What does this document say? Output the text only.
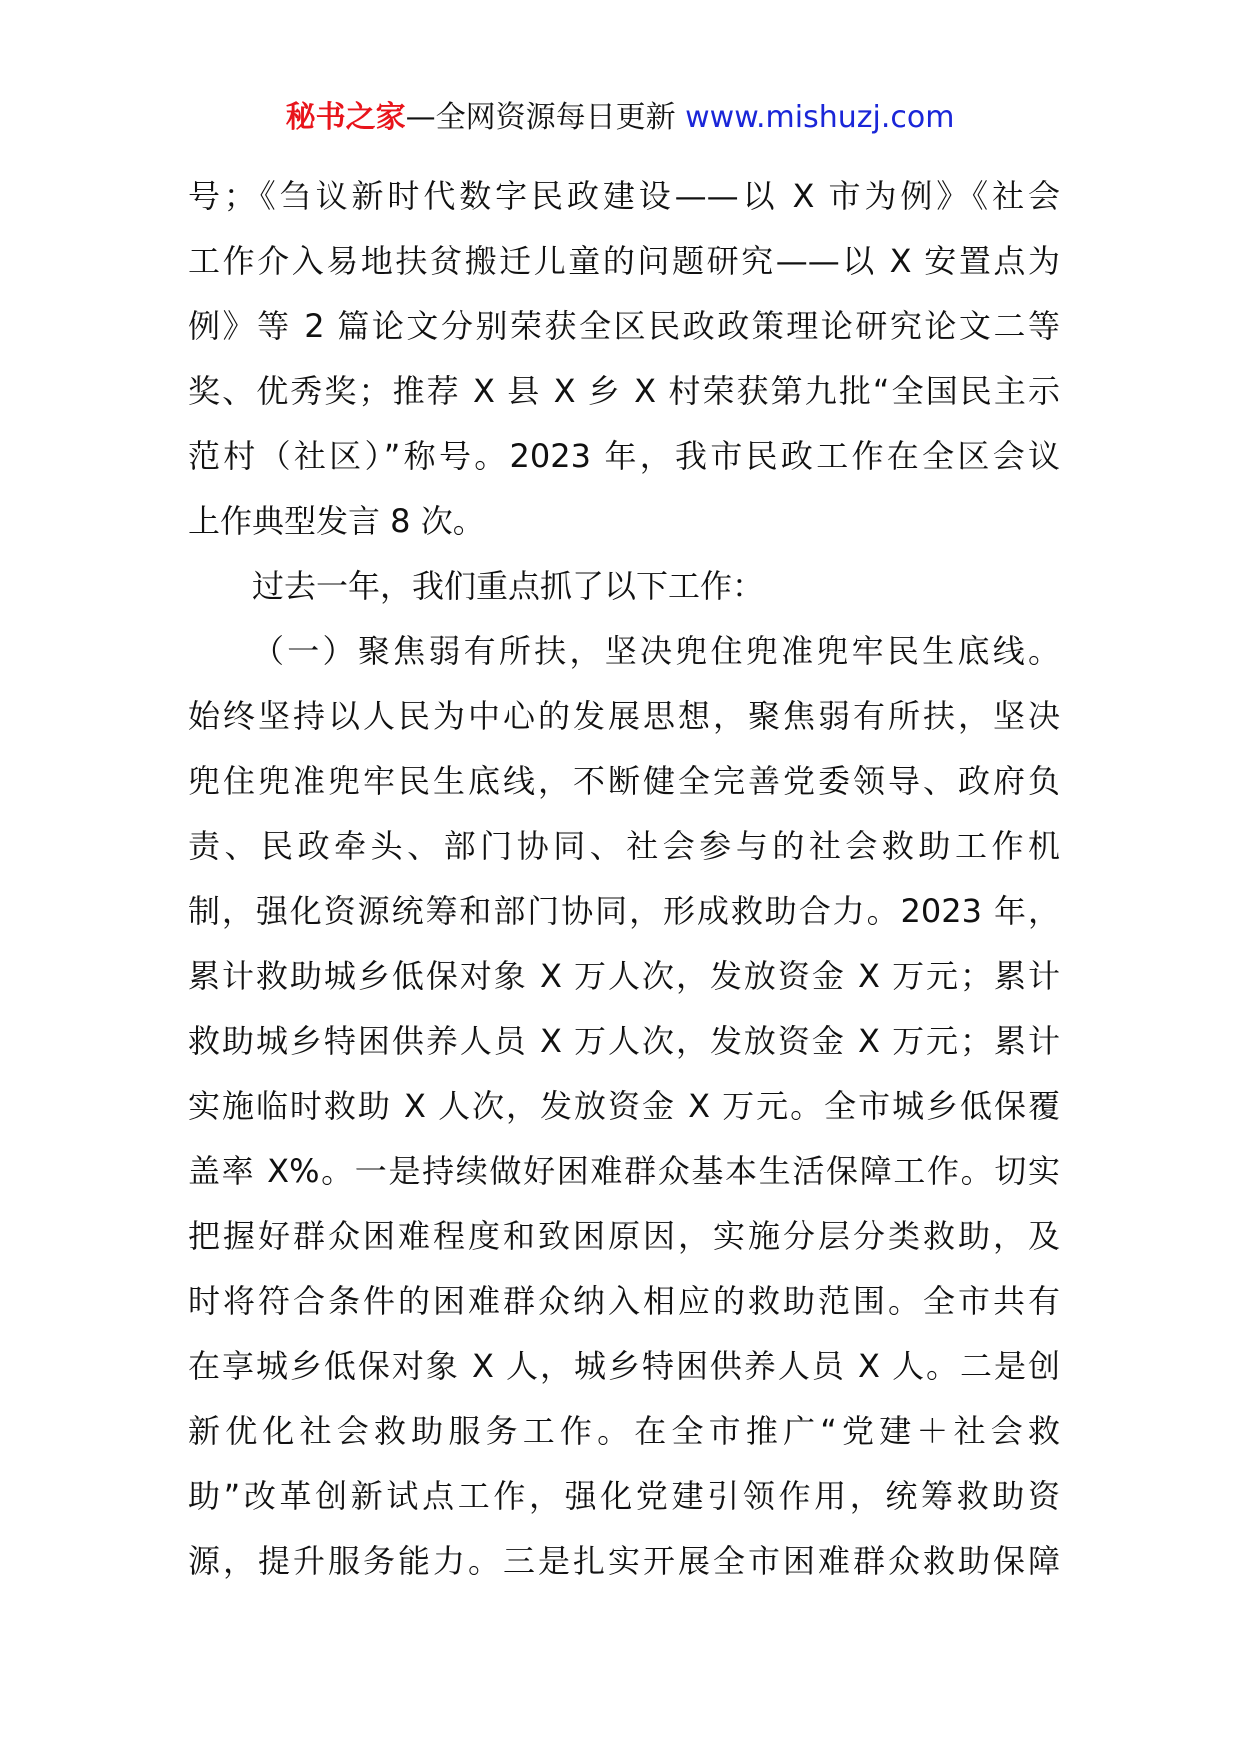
秘书之家—全网资源每日更新 www.mishuzj.com
号；《刍议新时代数字民政建设——以 X 市为例》《社会
工作介入易地扶贫搬迁儿童的问题研究——以 X 安置点为
例》等 2 篇论文分别荣获全区民政政策理论研究论文二等
奖、优秀奖；推荐 X 县 X 乡 X 村荣获第九批“全国民主示
范村（社区）”称号。2023 年，我市民政工作在全区会议
上作典型发言 8 次。
过去一年，我们重点抓了以下工作：
（一）聚焦弱有所扶，坚决兜住兜准兜牢民生底线。
始终坚持以人民为中心的发展思想，聚焦弱有所扶，坚决
兜住兜准兜牢民生底线，不断健全完善党委领导、政府负
责、民政牵头、部门协同、社会参与的社会救助工作机
制，强化资源统筹和部门协同，形成救助合力。2023 年，
累计救助城乡低保对象 X 万人次，发放资金 X 万元；累计
救助城乡特困供养人员 X 万人次，发放资金 X 万元；累计
实施临时救助 X 人次，发放资金 X 万元。全市城乡低保覆
盖率 X%。一是持续做好困难群众基本生活保障工作。切实
把握好群众困难程度和致困原因，实施分层分类救助，及
时将符合条件的困难群众纳入相应的救助范围。全市共有
在享城乡低保对象 X 人，城乡特困供养人员 X 人。二是创
新优化社会救助服务工作。在全市推广“党建＋社会救
助”改革创新试点工作，强化党建引领作用，统筹救助资
源，提升服务能力。三是扎实开展全市困难群众救助保障
